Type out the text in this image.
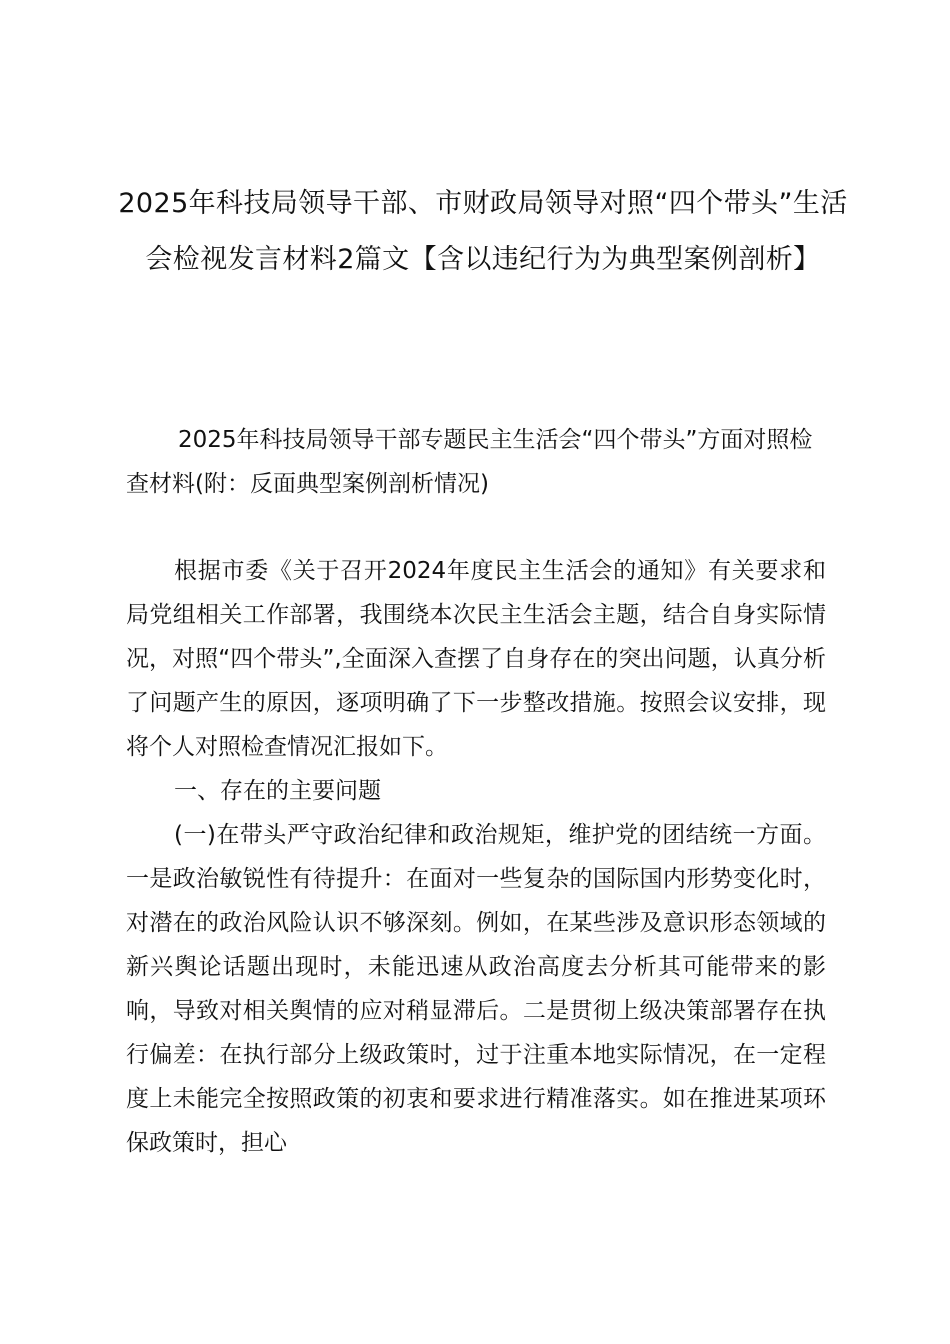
2025年科技局领导干部、市财政局领导对照“四个带头”生活会检视发言材料2篇文【含以违纪行为为典型案例剖析】
2025年科技局领导干部专题民主生活会“四个带头”方面对照检查材料(附：反面典型案例剖析情况)

根据市委《关于召开2024年度民主生活会的通知》有关要求和局党组相关工作部署，我围绕本次民主生活会主题，结合自身实际情况，对照“四个带头”,全面深入查摆了自身存在的突出问题，认真分析了问题产生的原因，逐项明确了下一步整改措施。按照会议安排，现将个人对照检查情况汇报如下。

一、存在的主要问题

(一)在带头严守政治纪律和政治规矩，维护党的团结统一方面。一是政治敏锐性有待提升：在面对一些复杂的国际国内形势变化时，对潜在的政治风险认识不够深刻。例如，在某些涉及意识形态领域的新兴舆论话题出现时，未能迅速从政治高度去分析其可能带来的影响，导致对相关舆情的应对稍显滞后。二是贯彻上级决策部署存在执行偏差：在执行部分上级政策时，过于注重本地实际情况，在一定程度上未能完全按照政策的初衷和要求进行精准落实。如在推进某项环保政策时，担心
